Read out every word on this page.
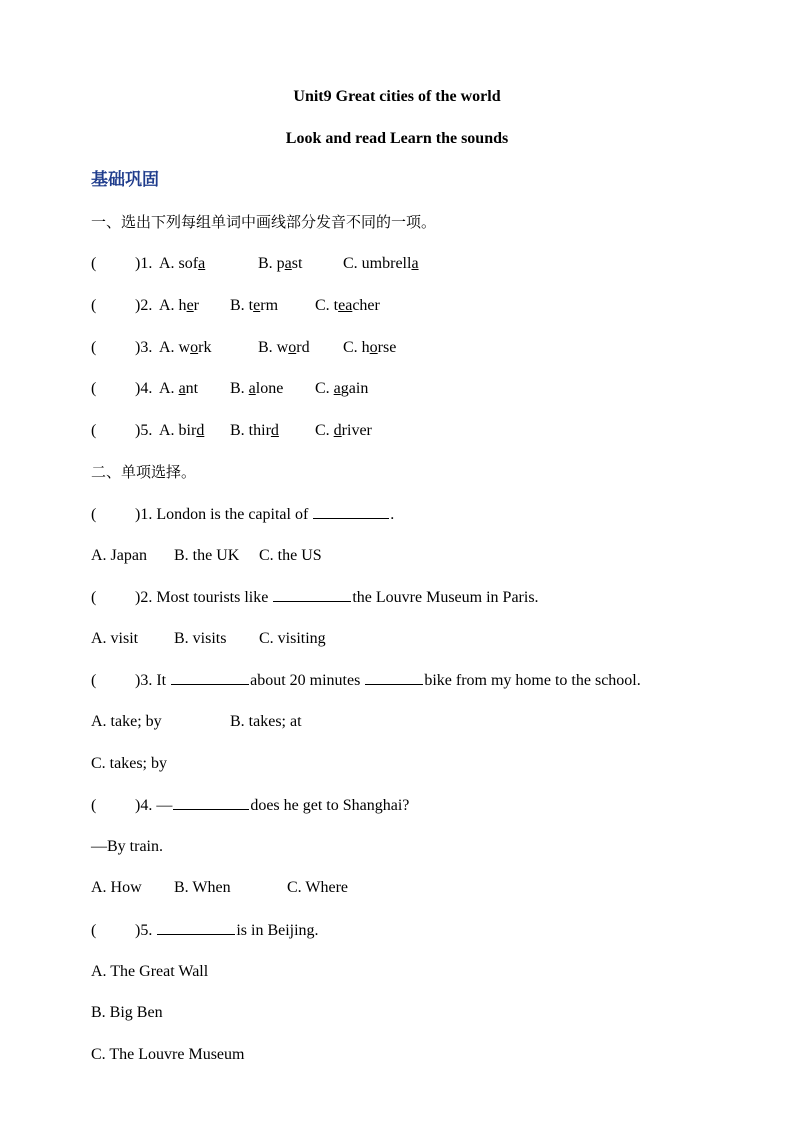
Unit9 Great cities of the world
Look and read Learn the sounds
基础巩固
一、选出下列每组单词中画线部分发音不同的一项。
( )1. A. sofa	B. past	C. umbrella
( )2. A. her B. term C. teacher
( )3. A. work	B. word C. horse
( )4. A. ant B. alone C. again
( )5. A. bird B. third C. driver
二、单项选择。
( )1. London is the capital of	.
A. Japan B. the UK C. the US
( )2. Most tourists like	the Louvre Museum in Paris.
A. visit B. visits C. visiting
( )3. It	about 20 minutes	bike from my home to the school.
A. take; by	B. takes; at
C. takes; by
( )4. —	does he get to Shanghai?
—By train.
A. How B. When	C. Where
( )5.	is in Beijing.
A. The Great Wall
B. Big Ben
C. The Louvre Museum
